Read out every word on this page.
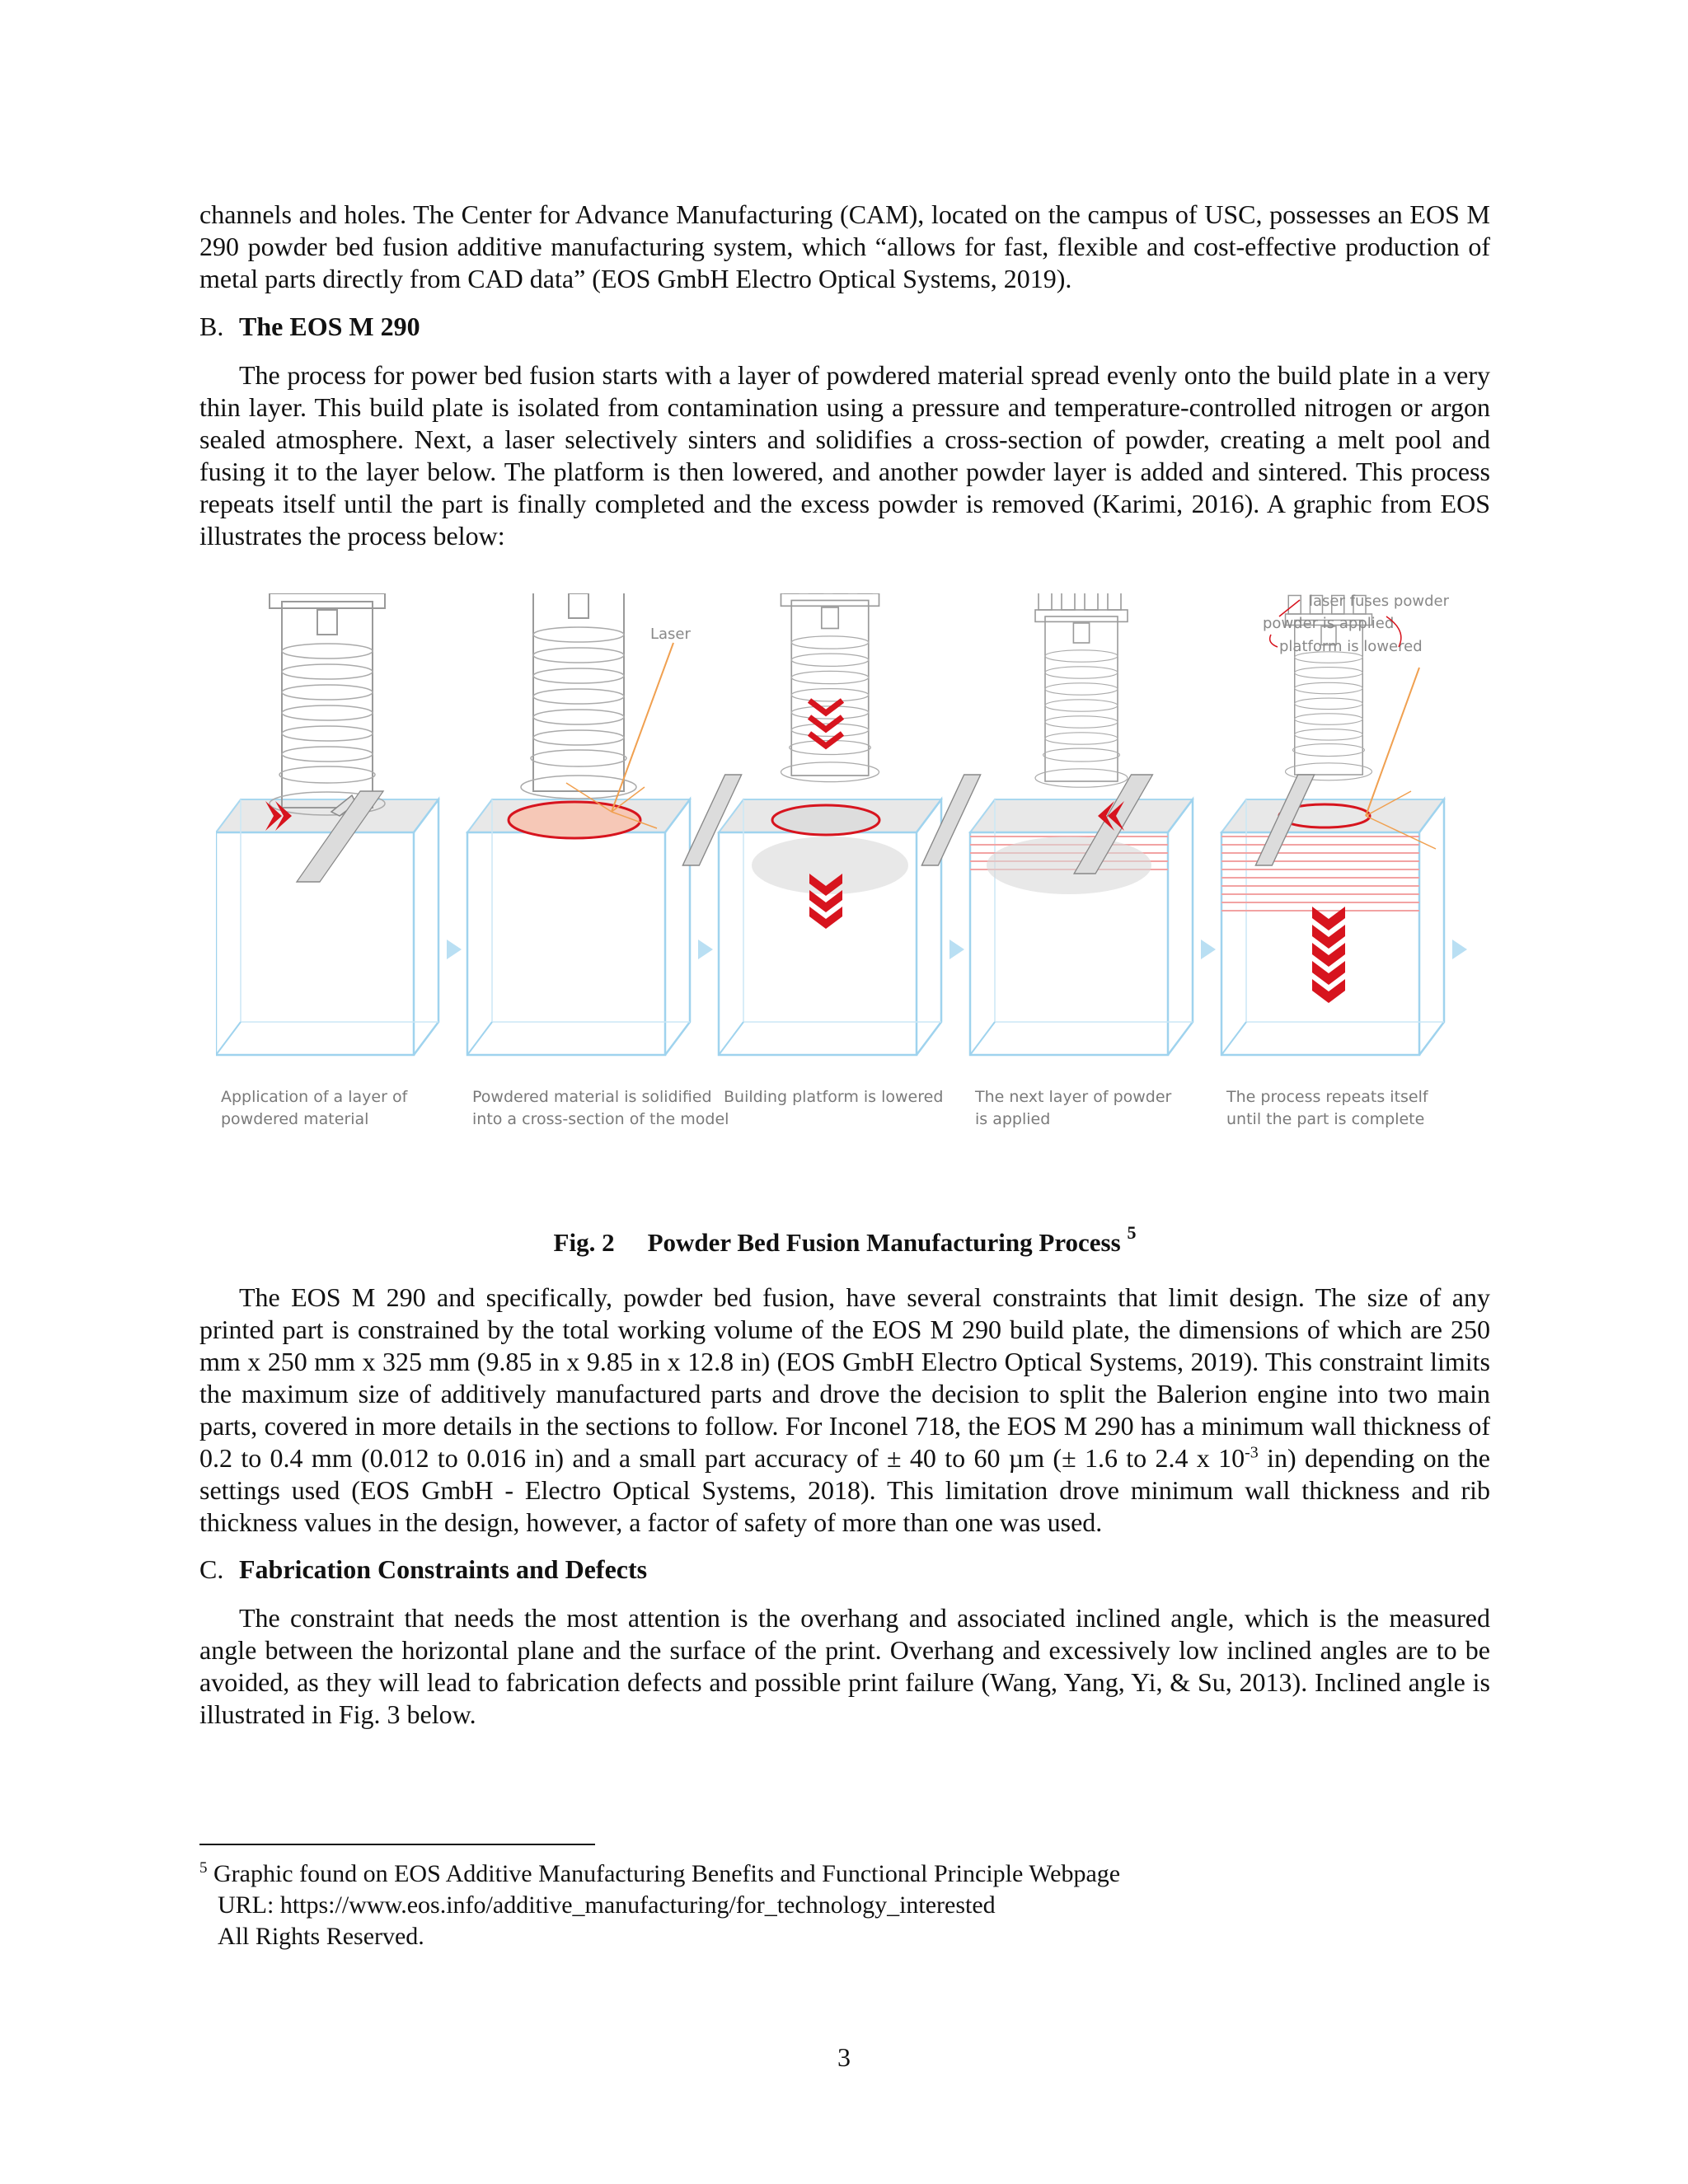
channels and holes. The Center for Advance Manufacturing (CAM), located on the campus of USC, possesses an EOS M 290 powder bed fusion additive manufacturing system, which “allows for fast, flexible and cost-effective production of metal parts directly from CAD data” (EOS GmbH Electro Optical Systems, 2019).

B. The EOS M 290

The process for power bed fusion starts with a layer of powdered material spread evenly onto the build plate in a very thin layer. This build plate is isolated from contamination using a pressure and temperature-controlled nitrogen or argon sealed atmosphere. Next, a laser selectively sinters and solidifies a cross-section of powder, creating a melt pool and fusing it to the layer below. The platform is then lowered, and another powder layer is added and sintered. This process repeats itself until the part is finally completed and the excess powder is removed (Karimi, 2016). A graphic from EOS illustrates the process below:

Laser
laser fuses powder
powder is applied
platform is lowered
Application of a layer of
powdered material
Powdered material is solidified
into a cross-section of the model
Building platform is lowered The next layer of powder
is applied
The process repeats itself
until the part is complete
Fig. 2 Powder Bed Fusion Manufacturing Process $^5$

The EOS M 290 and specifically, powder bed fusion, have several constraints that limit design. The size of any printed part is constrained by the total working volume of the EOS M 290 build plate, the dimensions of which are 250 mm x 250 mm x 325 mm (9.85 in x 9.85 in x 12.8 in) (EOS GmbH Electro Optical Systems, 2019). This constraint limits the maximum size of additively manufactured parts and drove the decision to split the Balerion engine into two main parts, covered in more details in the sections to follow. For Inconel 718, the EOS M 290 has a minimum wall thickness of 0.2 to 0.4 mm (0.012 to 0.016 in) and a small part accuracy of ± 40 to 60 µm (± 1.6 to 2.4 x $10^{-3}$ in) depending on the settings used (EOS GmbH - Electro Optical Systems, 2018). This limitation drove minimum wall thickness and rib thickness values in the design, however, a factor of safety of more than one was used.

C. Fabrication Constraints and Defects

The constraint that needs the most attention is the overhang and associated inclined angle, which is the measured angle between the horizontal plane and the surface of the print. Overhang and excessively low inclined angles are to be avoided, as they will lead to fabrication defects and possible print failure (Wang, Yang, Yi, & Su, 2013). Inclined angle is illustrated in Fig. 3 below.

$^5$ Graphic found on EOS Additive Manufacturing Benefits and Functional Principle Webpage
URL: https://www.eos.info/additive_manufacturing/for_technology_interested
All Rights Reserved.
3
